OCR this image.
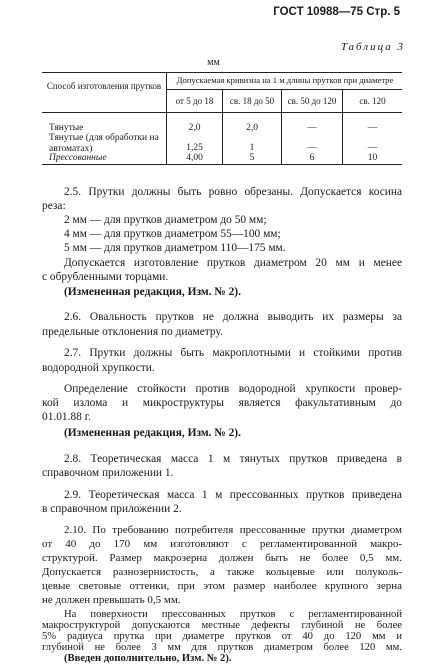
ГОСТ 10988—75 Стр. 5
Таблица 3
мм
Способ изготовления прутков
Допускаемая кривизна на 1 м длины прутков при диаметре
от 5 до 18	св. 18 до 50	св. 50 до 120	св. 120
Тянутые	2,0	2,0	—	—
Тянутые (для обработки на автоматах)	1,25	1	—	—
Прессованные	4,00	5	6	10
2.5. Прутки должны быть ровно обрезаны. Допускается косина
реза:
2 мм — для прутков диаметром до 50 мм;
4 мм — для прутков диаметром 55—100 мм;
5 мм — для прутков диаметром 110—175 мм.
Допускается изготовление прутков диаметром 20 мм и менее
с обрубленными торцами.
(Измененная редакция, Изм. № 2).
2.6. Овальность прутков не должна выводить их размеры за
предельные отклонения по диаметру.
2.7. Прутки должны быть макроплотными и стойкими против
водородной хрупкости.
Определение стойкости против водородной хрупкости провер-
кой излома и микроструктуры является факультативным до
01.01.88 г.
(Измененная редакция, Изм. № 2).
2.8. Теоретическая масса 1 м тянутых прутков приведена в
справочном приложении 1.
2.9. Теоретическая масса 1 м прессованных прутков приведена
в справочном приложении 2.
2.10. По требованию потребителя прессованные прутки диаметром
от 40 до 170 мм изготовляют с регламентированной макро-
структурой. Размер макрозерна должен быть не более 0,5 мм.
Допускается разнозернистость, а также кольцевые или полуколь-
цевые световые оттенки, при этом размер наиболее крупного зерна
не должен превышать 0,5 мм.
На поверхности прессованных прутков с регламентированной
макроструктурой допускаются местные дефекты глубиной не более
5% радиуса прутка при диаметре прутков от 40 до 120 мм и
глубиной не более 3 мм для прутков диаметром более 120 мм.
(Введен дополнительно, Изм. № 2).
